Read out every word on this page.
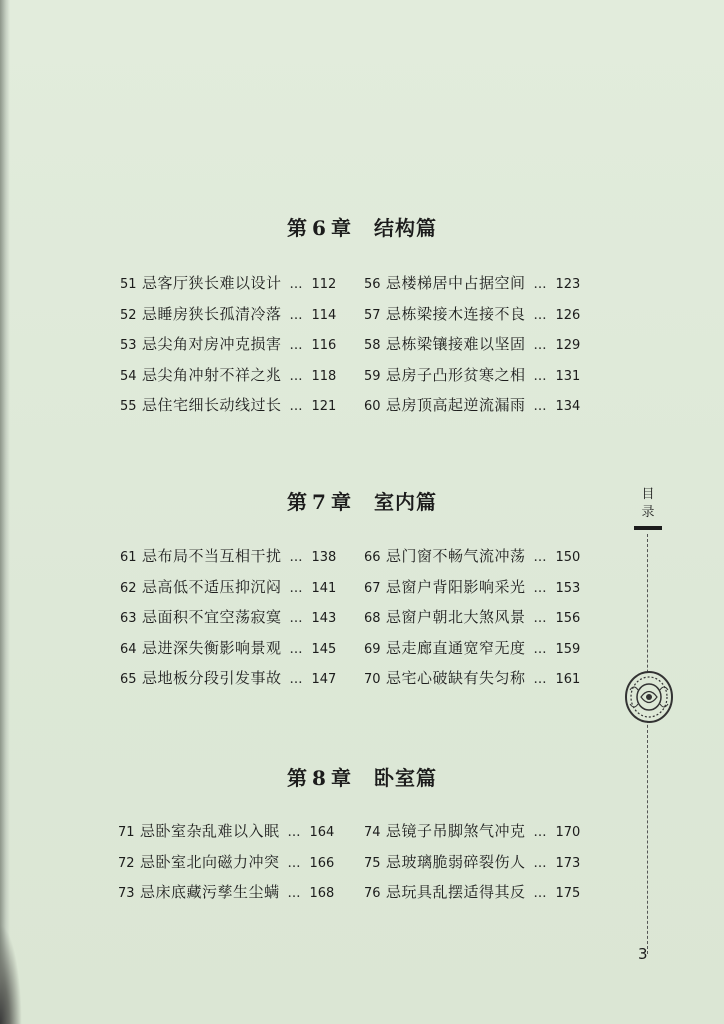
第 6 章 结构篇
第 7 章 室内篇
第 8 章 卧室篇
51 忌客厅狭长难以设计 … 112
52 忌睡房狭长孤清冷落 … 114
53 忌尖角对房冲克损害 … 116
54 忌尖角冲射不祥之兆 … 118
55 忌住宅细长动线过长 … 121
56 忌楼梯居中占据空间 … 123
57 忌栋梁接木连接不良 … 126
58 忌栋梁镶接难以坚固 … 129
59 忌房子凸形贫寒之相 … 131
60 忌房顶高起逆流漏雨 … 134
61 忌布局不当互相干扰 … 138
62 忌高低不适压抑沉闷 … 141
63 忌面积不宜空荡寂寞 … 143
64 忌进深失衡影响景观 … 145
65 忌地板分段引发事故 … 147
66 忌门窗不畅气流冲荡 … 150
67 忌窗户背阳影响采光 … 153
68 忌窗户朝北大煞风景 … 156
69 忌走廊直通宽窄无度 … 159
70 忌宅心破缺有失匀称 … 161
71 忌卧室杂乱难以入眠 … 164
72 忌卧室北向磁力冲突 … 166
73 忌床底藏污孳生尘螨 … 168
74 忌镜子吊脚煞气冲克 … 170
75 忌玻璃脆弱碎裂伤人 … 173
76 忌玩具乱摆适得其反 … 175
目
录
3
